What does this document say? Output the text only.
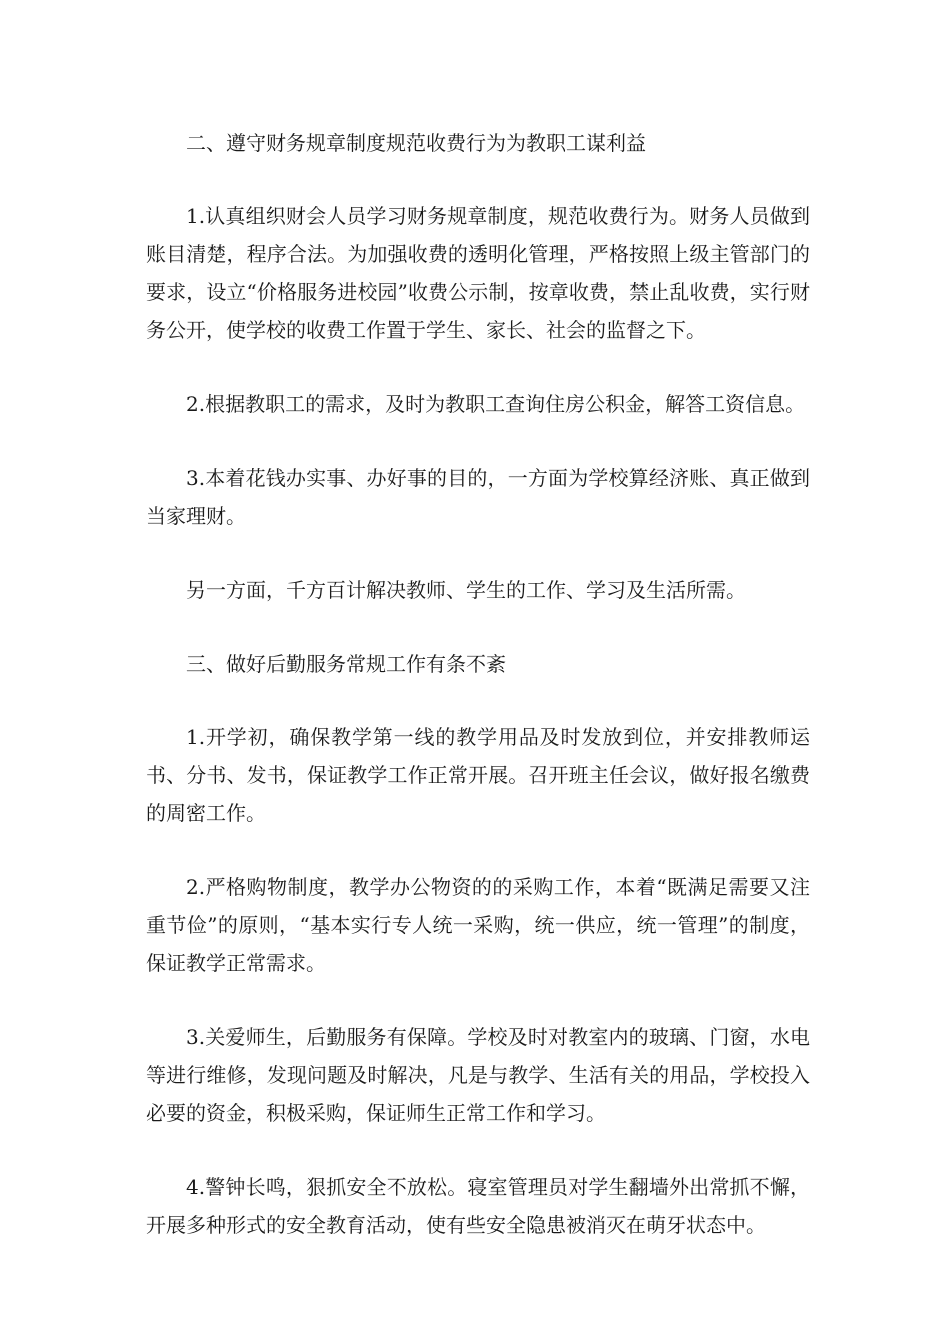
二、遵守财务规章制度规范收费行为为教职工谋利益

1.认真组织财会人员学习财务规章制度，规范收费行为。财务人员做到账目清楚，程序合法。为加强收费的透明化管理，严格按照上级主管部门的要求，设立“价格服务进校园”收费公示制，按章收费，禁止乱收费，实行财务公开，使学校的收费工作置于学生、家长、社会的监督之下。

2.根据教职工的需求，及时为教职工查询住房公积金，解答工资信息。

3.本着花钱办实事、办好事的目的，一方面为学校算经济账、真正做到当家理财。

另一方面，千方百计解决教师、学生的工作、学习及生活所需。

三、做好后勤服务常规工作有条不紊

1.开学初，确保教学第一线的教学用品及时发放到位，并安排教师运书、分书、发书，保证教学工作正常开展。召开班主任会议，做好报名缴费的周密工作。

2.严格购物制度，教学办公物资的的采购工作，本着“既满足需要又注重节俭”的原则，“基本实行专人统一采购，统一供应，统一管理”的制度，保证教学正常需求。

3.关爱师生，后勤服务有保障。学校及时对教室内的玻璃、门窗，水电等进行维修，发现问题及时解决，凡是与教学、生活有关的用品，学校投入必要的资金，积极采购，保证师生正常工作和学习。

4.警钟长鸣，狠抓安全不放松。寝室管理员对学生翻墙外出常抓不懈，开展多种形式的安全教育活动，使有些安全隐患被消灭在萌牙状态中。
